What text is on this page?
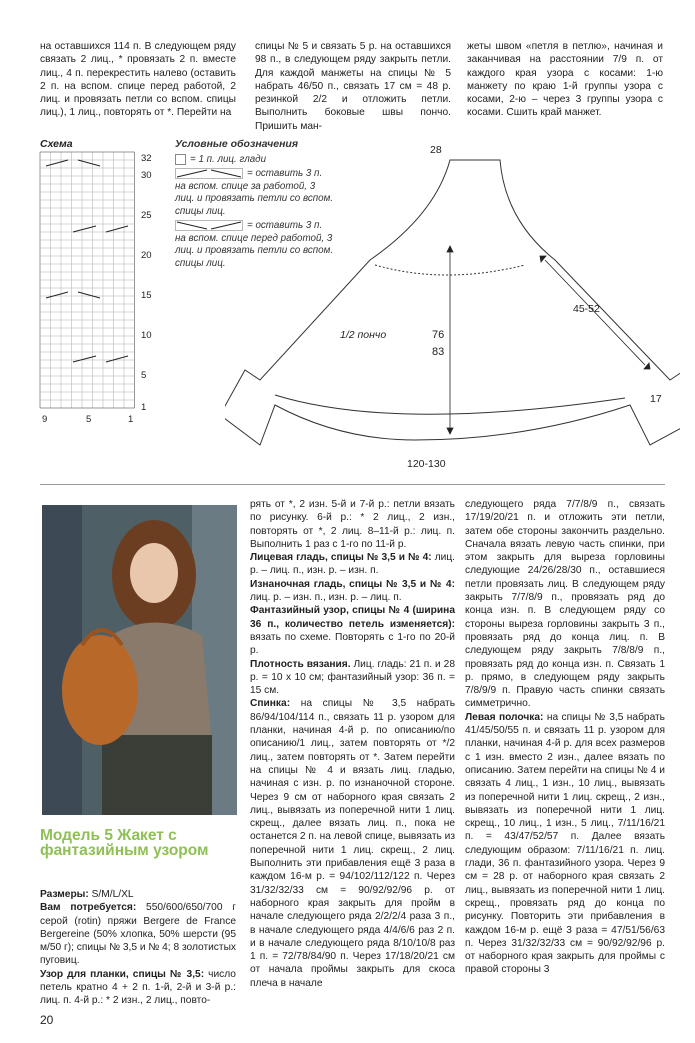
на оставшихся 114 п. В следующем ряду связать 2 лиц., * провязать 2 п. вместе лиц., 4 п. перекрестить налево (оставить 2 п. на вспом. спице перед работой, 2 лиц. и провязать петли со вспом. спицы лиц.), 1 лиц., повторять от *. Перейти на

спицы № 5 и связать 5 р. на оставшихся 98 п., в следующем ряду закрыть петли. Для каждой манжеты на спицы № 5 набрать 46/50 п., связать 17 см = 48 р. резинкой 2/2 и отложить петли. Выполнить боковые швы пончо. Пришить ман-

жеты швом «петля в петлю», начиная и заканчивая на расстоянии 7/9 п. от каждого края узора с косами: 1-ю манжету по краю 1-й группы узора с косами, 2-ю – через 3 группы узора с косами. Сшить край манжет.

Схема
32
30
25
20
15
10
5
1
9	5	1
Условные обозначения
= 1 п. лиц. глади
= оставить 3 п. на вспом. спице за работой, 3 лиц. и провязать петли со вспом. спицы лиц.
= оставить 3 п. на вспом. спице перед работой, 3 лиц. и провязать петли со вспом. спицы лиц.
28
45-52
17
1/2 пончо	76
83
120-130
Модель 5 Жакет с фантазийным узором

Размеры: S/M/L/XL

Вам потребуется: 550/600/650/700 г серой (rotin) пряжи Bergere de France Bergereine (50% хлопка, 50% шерсти (95 м/50 г); спицы № 3,5 и № 4; 8 золотистых пуговиц.

Узор для планки, спицы № 3,5: число петель кратно 4 + 2 п. 1-й, 2-й и 3-й р.: лиц. п. 4-й р.: * 2 изн., 2 лиц., повто-

рять от *, 2 изн. 5-й и 7-й р.: петли вязать по рисунку. 6-й р.: * 2 лиц., 2 изн., повторять от *, 2 лиц. 8–11-й р.: лиц. п. Выполнить 1 раз с 1-го по 11-й р.

Лицевая гладь, спицы № 3,5 и № 4: лиц. р. – лиц. п., изн. р. – изн. п.

Изнаночная гладь, спицы № 3,5 и № 4: лиц. р. – изн. п., изн. р. – лиц. п.

Фантазийный узор, спицы № 4 (ширина 36 п., количество петель изменяется): вязать по схеме. Повторять с 1-го по 20-й р.

Плотность вязания. Лиц. гладь: 21 п. и 28 р. = 10 x 10 см; фантазийный узор: 36 п. = 15 см.

Спинка: на спицы № 3,5 набрать 86/94/104/114 п., связать 11 р. узором для планки, начиная 4-й р. по описанию/по описанию/1 лиц., затем повторять от */2 лиц., затем повторять от *. Затем перейти на спицы № 4 и вязать лиц. гладью, начиная с изн. р. по изнаночной стороне. Через 9 см от наборного края связать 2 лиц., вывязать из поперечной нити 1 лиц. скрещ., далее вязать лиц. п., пока не останется 2 п. на левой спице, вывязать из поперечной нити 1 лиц. скрещ., 2 лиц. Выполнить эти прибавления ещё 3 раза в каждом 16-м р. = 94/102/112/122 п. Через 31/32/32/33 см = 90/92/92/96 р. от наборного края закрыть для пройм в начале следующего ряда 2/2/2/4 раза 3 п., в начале следующего ряда 4/4/6/6 раз 2 п. и в начале следующего ряда 8/10/10/8 раз 1 п. = 72/78/84/90 п. Через 17/18/20/21 см от начала проймы закрыть для скоса плеча в начале

следующего ряда 7/7/8/9 п., связать 17/19/20/21 п. и отложить эти петли, затем обе стороны закончить раздельно. Сначала вязать левую часть спинки, при этом закрыть для выреза горловины следующие 24/26/28/30 п., оставшиеся петли провязать лиц. В следующем ряду закрыть 7/7/8/9 п., провязать ряд до конца изн. п. В следующем ряду со стороны выреза горловины закрыть 3 п., провязать ряд до конца лиц. п. В следующем ряду закрыть 7/8/8/9 п., провязать ряд до конца изн. п. Связать 1 р. прямо, в следующем ряду закрыть 7/8/9/9 п. Правую часть спинки связать симметрично.

Левая полочка: на спицы № 3,5 набрать 41/45/50/55 п. и связать 11 р. узором для планки, начиная 4-й р. для всех размеров с 1 изн. вместо 2 изн., далее вязать по описанию. Затем перейти на спицы № 4 и связать 4 лиц., 1 изн., 10 лиц., вывязать из поперечной нити 1 лиц. скрещ., 2 изн., вывязать из поперечной нити 1 лиц. скрещ., 10 лиц., 1 изн., 5 лиц., 7/11/16/21 п. = 43/47/52/57 п. Далее вязать следующим образом: 7/11/16/21 п. лиц. глади, 36 п. фантазийного узора. Через 9 см = 28 р. от наборного края связать 2 лиц., вывязать из поперечной нити 1 лиц. скрещ., провязать ряд до конца по рисунку. Повторить эти прибавления в каждом 16-м р. ещё 3 раза = 47/51/56/63 п. Через 31/32/32/33 см = 90/92/92/96 р. от наборного края закрыть для проймы с правой стороны 3

20
